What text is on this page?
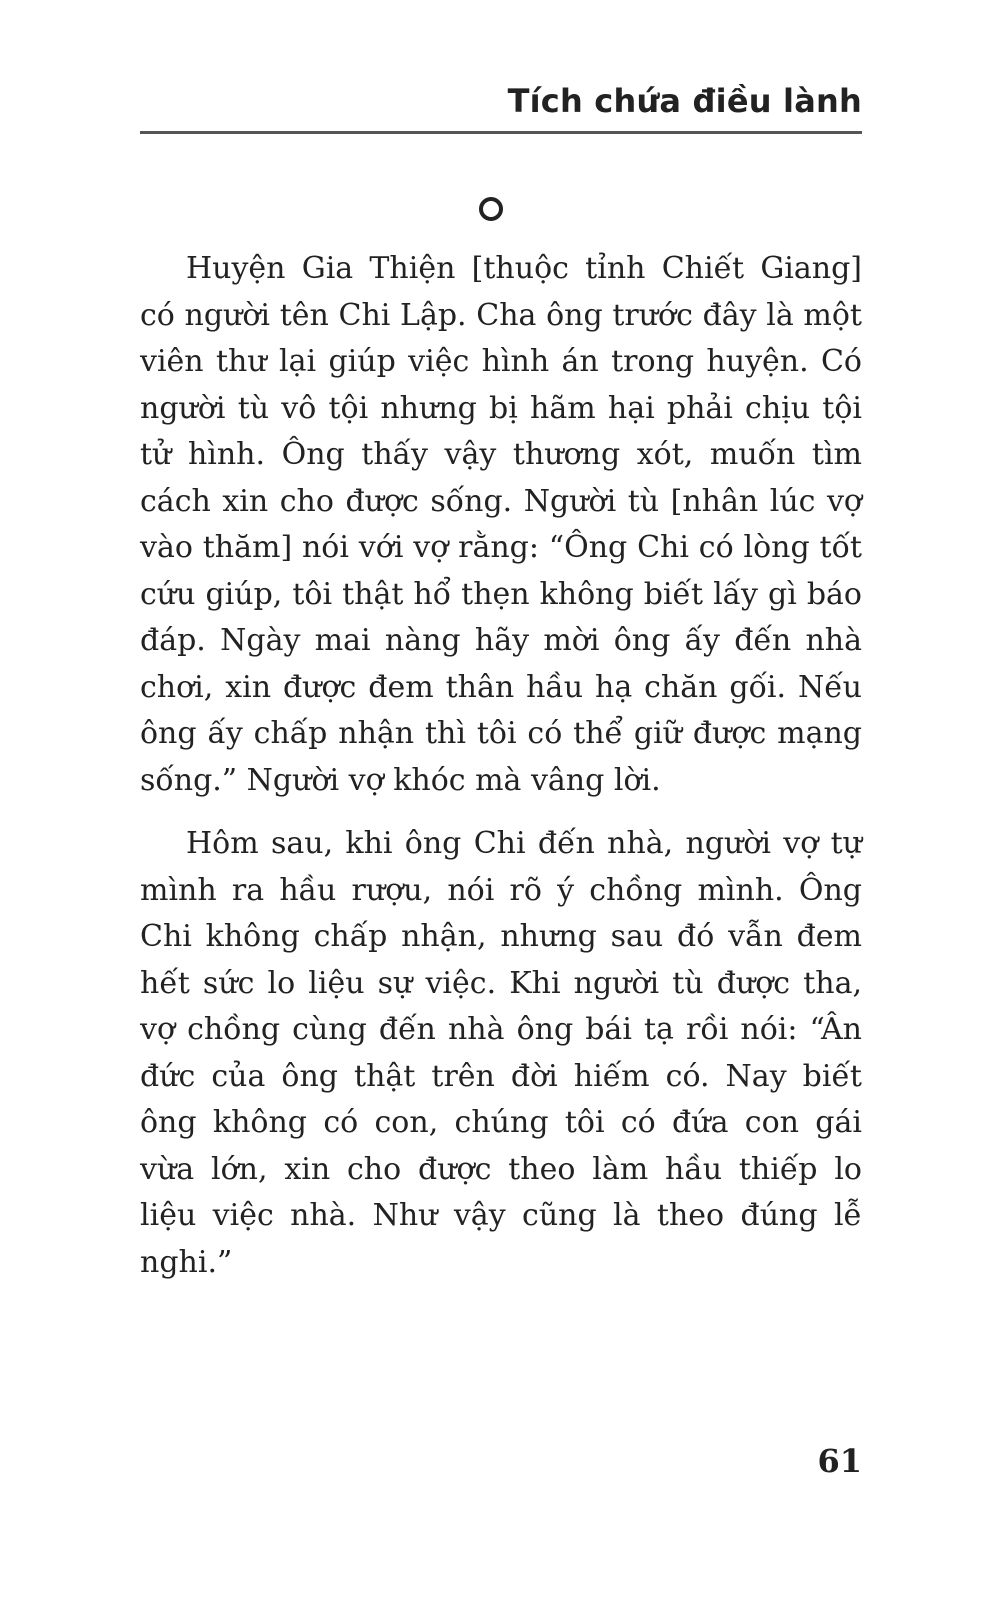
Tích chứa điều lành

Huyện Gia Thiện [thuộc tỉnh Chiết Giang] có người tên Chi Lập. Cha ông trước đây là một viên thư lại giúp việc hình án trong huyện. Có người tù vô tội nhưng bị hãm hại phải chịu tội tử hình. Ông thấy vậy thương xót, muốn tìm cách xin cho được sống. Người tù [nhân lúc vợ vào thăm] nói với vợ rằng: “Ông Chi có lòng tốt cứu giúp, tôi thật hổ thẹn không biết lấy gì báo đáp. Ngày mai nàng hãy mời ông ấy đến nhà chơi, xin được đem thân hầu hạ chăn gối. Nếu ông ấy chấp nhận thì tôi có thể giữ được mạng sống.” Người vợ khóc mà vâng lời.

Hôm sau, khi ông Chi đến nhà, người vợ tự mình ra hầu rượu, nói rõ ý chồng mình. Ông Chi không chấp nhận, nhưng sau đó vẫn đem hết sức lo liệu sự việc. Khi người tù được tha, vợ chồng cùng đến nhà ông bái tạ rồi nói: “Ân đức của ông thật trên đời hiếm có. Nay biết ông không có con, chúng tôi có đứa con gái vừa lớn, xin cho được theo làm hầu thiếp lo liệu việc nhà. Như vậy cũng là theo đúng lễ nghi.”

61
